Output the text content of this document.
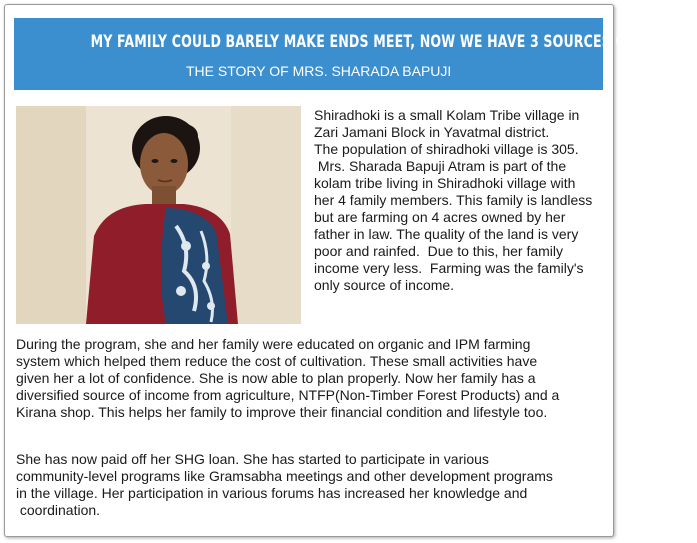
MY FAMILY COULD BARELY MAKE ENDS MEET, NOW WE HAVE 3 SOURCES OF INCOME
THE STORY OF MRS. SHARADA BAPUJI
Shiradhoki is a small Kolam Tribe village in
Zari Jamani Block in Yavatmal district.
The population of shiradhoki village is 305.
Mrs. Sharada Bapuji Atram is part of the
kolam tribe living in Shiradhoki village with
her 4 family members. This family is landless
but are farming on 4 acres owned by her
father in law. The quality of the land is very
poor and rainfed.  Due to this, her family
income very less.  Farming was the family's
only source of income.
During the program, she and her family were educated on organic and IPM farming
system which helped them reduce the cost of cultivation. These small activities have
given her a lot of confidence. She is now able to plan properly. Now her family has a
diversified source of income from agriculture, NTFP(Non-Timber Forest Products) and a
Kirana shop. This helps her family to improve their financial condition and lifestyle too.
She has now paid off her SHG loan. She has started to participate in various
community-level programs like Gramsabha meetings and other development programs
in the village. Her participation in various forums has increased her knowledge and
coordination.
